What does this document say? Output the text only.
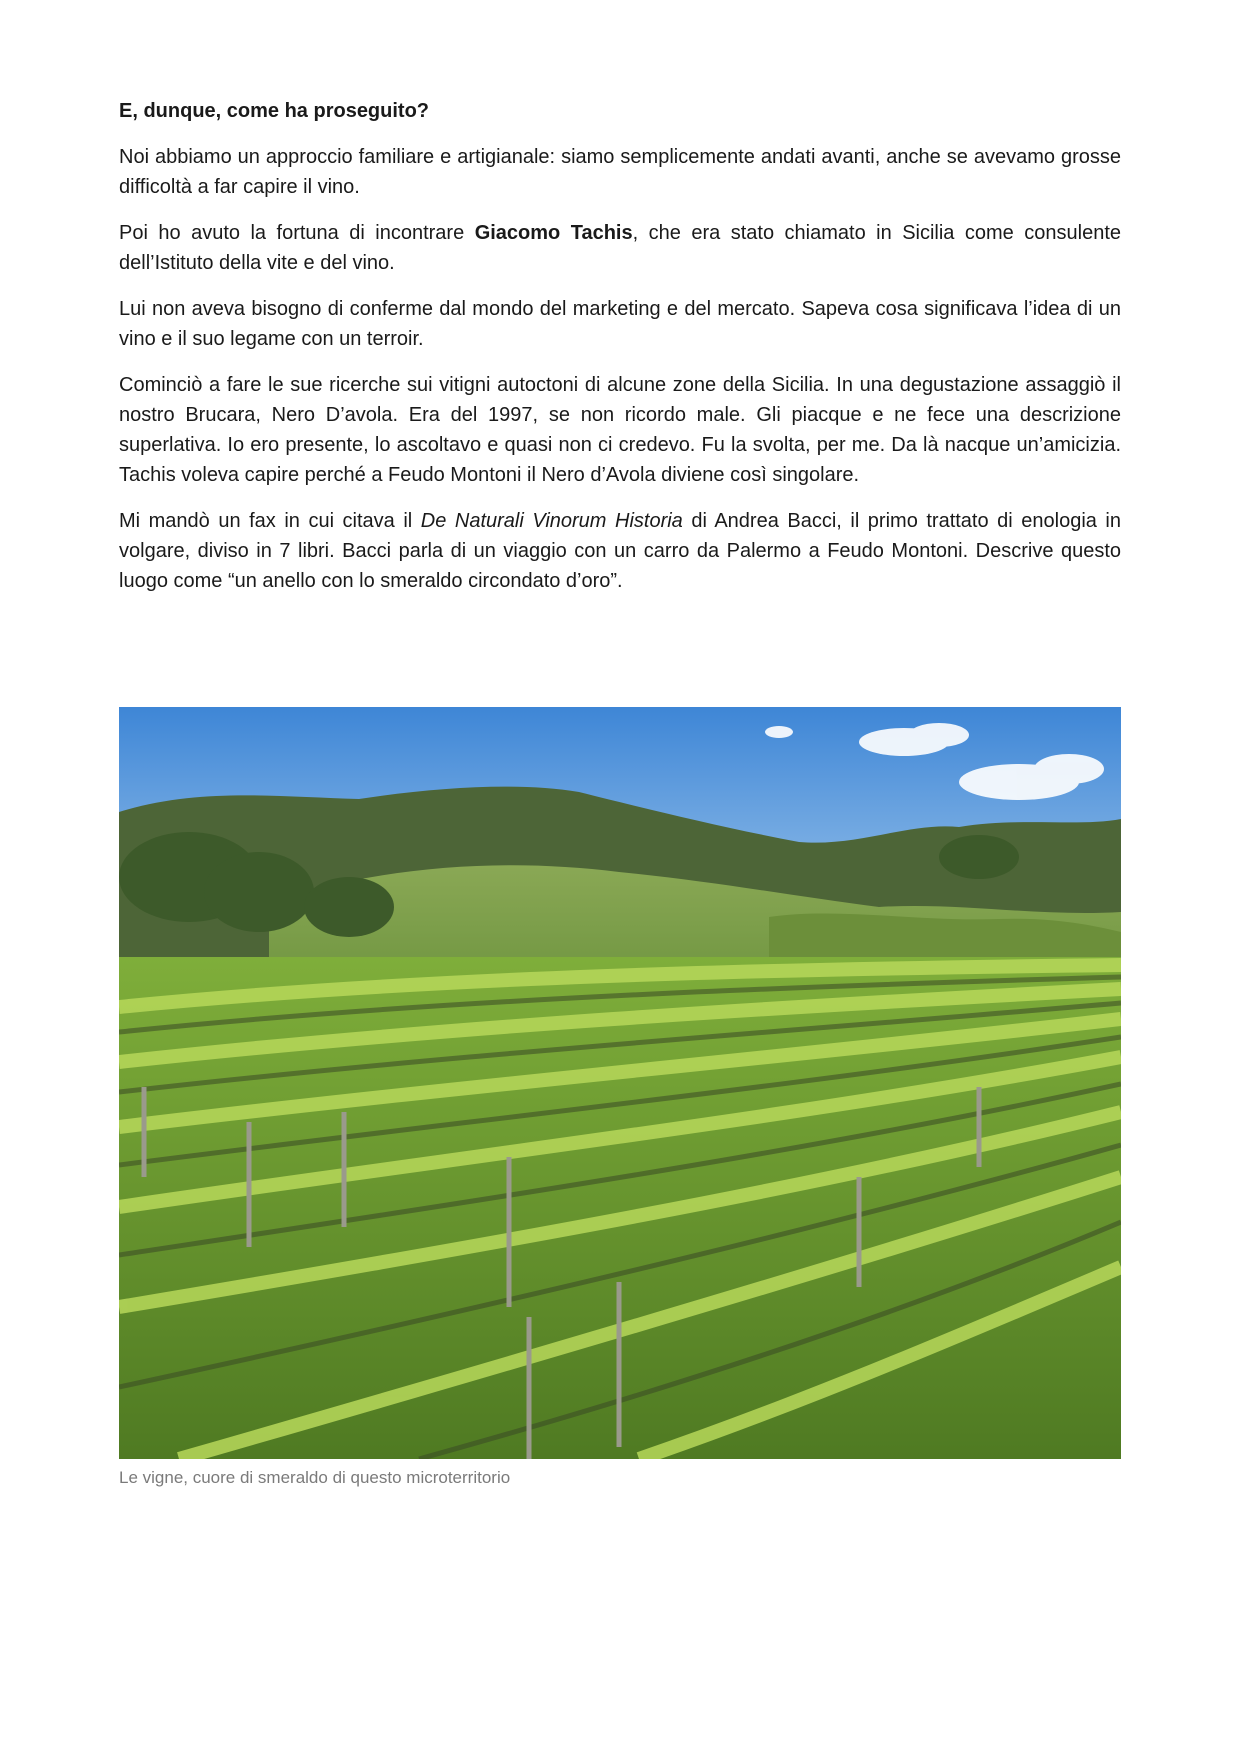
E, dunque, come ha proseguito?

Noi abbiamo un approccio familiare e artigianale: siamo semplicemente andati avanti, anche se avevamo grosse difficoltà a far capire il vino.

Poi ho avuto la fortuna di incontrare Giacomo Tachis, che era stato chiamato in Sicilia come consulente dell’Istituto della vite e del vino.

Lui non aveva bisogno di conferme dal mondo del marketing e del mercato. Sapeva cosa significava l’idea di un vino e il suo legame con un terroir.

Cominciò a fare le sue ricerche sui vitigni autoctoni di alcune zone della Sicilia. In una degustazione assaggiò il nostro Brucara, Nero D’avola. Era del 1997, se non ricordo male. Gli piacque e ne fece una descrizione superlativa. Io ero presente, lo ascoltavo e quasi non ci credevo. Fu la svolta, per me. Da là nacque un’amicizia. Tachis voleva capire perché a Feudo Montoni il Nero d’Avola diviene così singolare.

Mi mandò un fax in cui citava il De Naturali Vinorum Historia di Andrea Bacci, il primo trattato di enologia in volgare, diviso in 7 libri. Bacci parla di un viaggio con un carro da Palermo a Feudo Montoni. Descrive questo luogo come “un anello con lo smeraldo circondato d’oro”.

Le vigne, cuore di smeraldo di questo microterritorio
